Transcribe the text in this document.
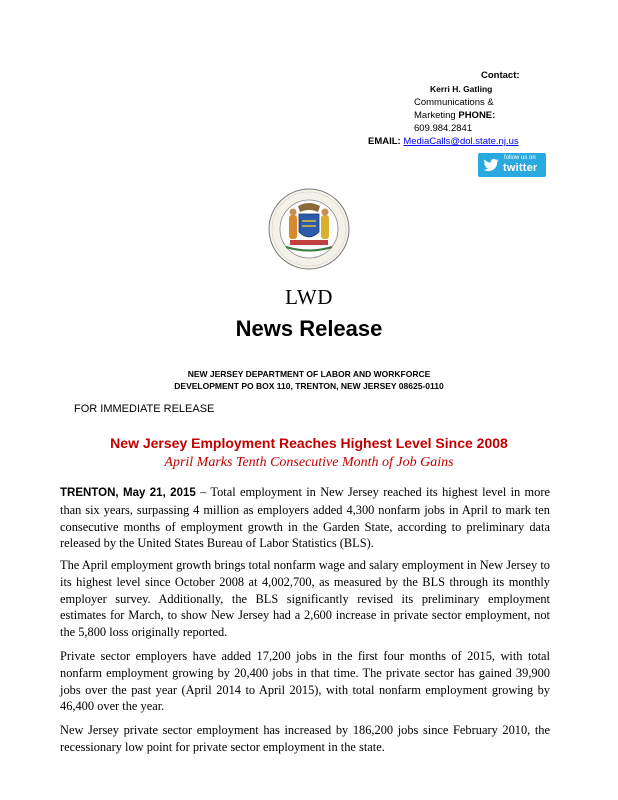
Contact:
Kerri H. Gatling
Communications &
Marketing PHONE:
609.984.2841
EMAIL: MediaCalls@dol.state.nj.us
follow us on
twitter
LWD
News Release
NEW JERSEY DEPARTMENT OF LABOR AND WORKFORCE
DEVELOPMENT PO BOX 110, TRENTON, NEW JERSEY 08625-0110
FOR IMMEDIATE RELEASE
New Jersey Employment Reaches Highest Level Since 2008
April Marks Tenth Consecutive Month of Job Gains
TRENTON, May 21, 2015 – Total employment in New Jersey reached its highest level in more than six years, surpassing 4 million as employers added 4,300 nonfarm jobs in April to mark ten consecutive months of employment growth in the Garden State, according to preliminary data released by the United States Bureau of Labor Statistics (BLS).
The April employment growth brings total nonfarm wage and salary employment in New Jersey to its highest level since October 2008 at 4,002,700, as measured by the BLS through its monthly employer survey. Additionally, the BLS significantly revised its preliminary employment estimates for March, to show New Jersey had a 2,600 increase in private sector employment, not the 5,800 loss originally reported.
Private sector employers have added 17,200 jobs in the first four months of 2015, with total nonfarm employment growing by 20,400 jobs in that time. The private sector has gained 39,900 jobs over the past year (April 2014 to April 2015), with total nonfarm employment growing by 46,400 over the year.
New Jersey private sector employment has increased by 186,200 jobs since February 2010, the recessionary low point for private sector employment in the state.
